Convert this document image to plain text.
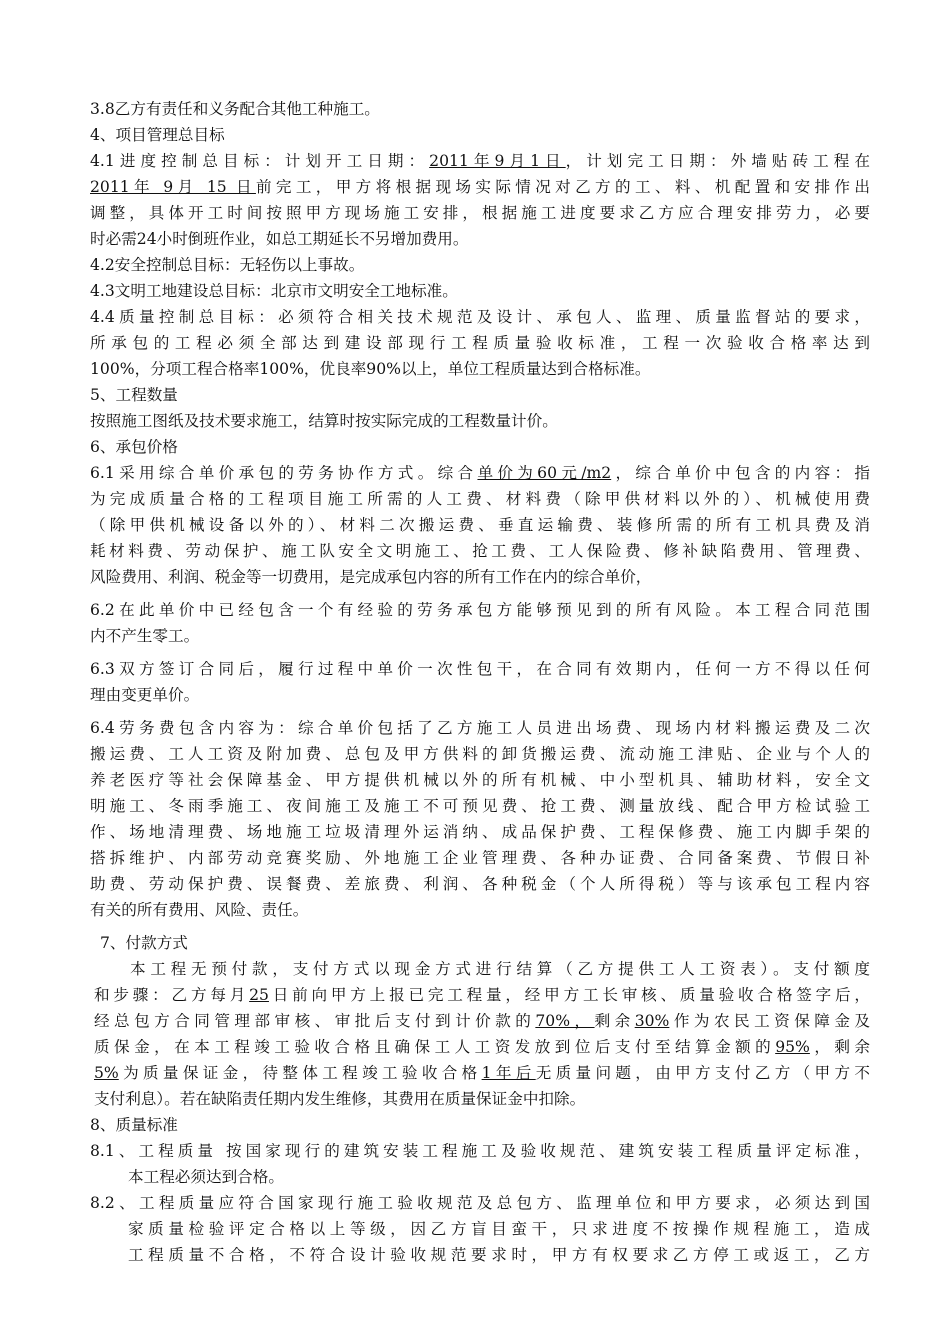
3.8乙方有责任和义务配合其他工种施工。
4、项目管理总目标
4.1进度控制总目标：计划开工日期：2011年9月1日，计划完工日期：外墙贴砖工程在
2011年 9月 15 日前完工，甲方将根据现场实际情况对乙方的工、料、机配置和安排作出
调整，具体开工时间按照甲方现场施工安排，根据施工进度要求乙方应合理安排劳力，必要
时必需24小时倒班作业，如总工期延长不另增加费用。
4.2安全控制总目标：无轻伤以上事故。
4.3文明工地建设总目标：北京市文明安全工地标准。
4.4质量控制总目标：必须符合相关技术规范及设计、承包人、监理、质量监督站的要求，
所承包的工程必须全部达到建设部现行工程质量验收标准，工程一次验收合格率达到
100%，分项工程合格率100%，优良率90%以上，单位工程质量达到合格标准。
5、工程数量
按照施工图纸及技术要求施工，结算时按实际完成的工程数量计价。
6、承包价格
6.1采用综合单价承包的劳务协作方式。综合单价为60元/m2，综合单价中包含的内容：指
为完成质量合格的工程项目施工所需的人工费、材料费（除甲供材料以外的）、机械使用费
（除甲供机械设备以外的）、材料二次搬运费、垂直运输费、装修所需的所有工机具费及消
耗材料费、劳动保护、施工队安全文明施工、抢工费、工人保险费、修补缺陷费用、管理费、
风险费用、利润、税金等一切费用，是完成承包内容的所有工作在内的综合单价，
6.2在此单价中已经包含一个有经验的劳务承包方能够预见到的所有风险。本工程合同范围
内不产生零工。
6.3双方签订合同后，履行过程中单价一次性包干，在合同有效期内，任何一方不得以任何
理由变更单价。
6.4劳务费包含内容为：综合单价包括了乙方施工人员进出场费、现场内材料搬运费及二次
搬运费、工人工资及附加费、总包及甲方供料的卸货搬运费、流动施工津贴、企业与个人的
养老医疗等社会保障基金、甲方提供机械以外的所有机械、中小型机具、辅助材料，安全文
明施工、冬雨季施工、夜间施工及施工不可预见费、抢工费、测量放线、配合甲方检试验工
作、场地清理费、场地施工垃圾清理外运消纳、成品保护费、工程保修费、施工内脚手架的
搭拆维护、内部劳动竞赛奖励、外地施工企业管理费、各种办证费、合同备案费、节假日补
助费、劳动保护费、误餐费、差旅费、利润、各种税金（个人所得税）等与该承包工程内容
有关的所有费用、风险、责任。
7、付款方式
本工程无预付款，支付方式以现金方式进行结算（乙方提供工人工资表）。支付额度
和步骤：乙方每月25日前向甲方上报已完工程量，经甲方工长审核、质量验收合格签字后，
经总包方合同管理部审核、审批后支付到计价款的70%，剩余30%作为农民工资保障金及
质保金，在本工程竣工验收合格且确保工人工资发放到位后支付至结算金额的95%，剩余
5%为质量保证金，待整体工程竣工验收合格1年后无质量问题，由甲方支付乙方（甲方不
支付利息）。若在缺陷责任期内发生维修，其费用在质量保证金中扣除。
8、质量标准
8.1、工程质量 按国家现行的建筑安装工程施工及验收规范、建筑安装工程质量评定标准，
本工程必须达到合格。
8.2、工程质量应符合国家现行施工验收规范及总包方、监理单位和甲方要求，必须达到国
家质量检验评定合格以上等级，因乙方盲目蛮干，只求进度不按操作规程施工，造成
工程质量不合格，不符合设计验收规范要求时，甲方有权要求乙方停工或返工，乙方
